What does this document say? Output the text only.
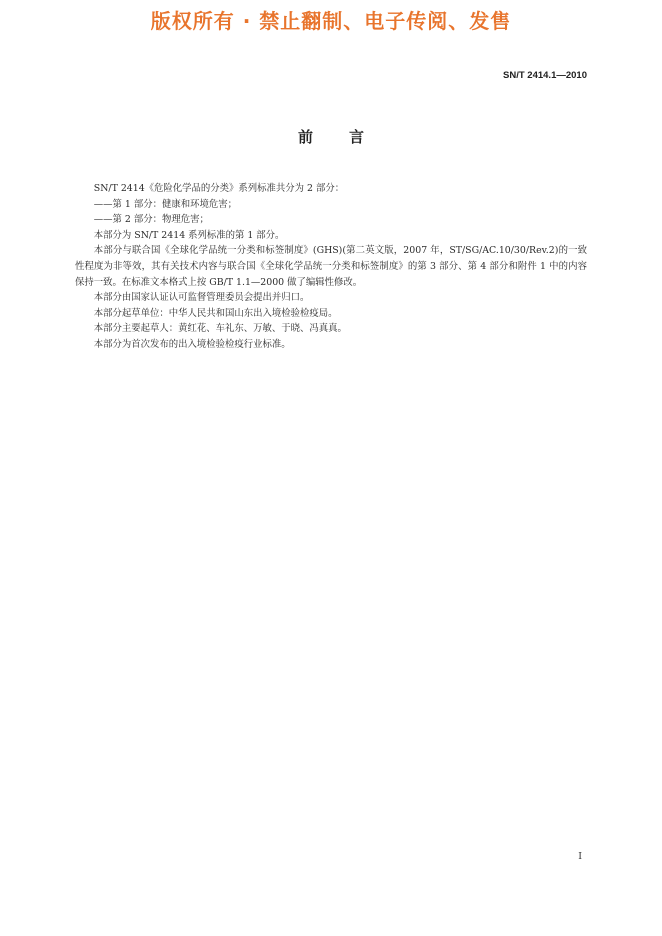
版权所有 · 禁止翻制、电子传阅、发售
SN/T 2414.1—2010
前言

SN/T 2414《危险化学品的分类》系列标准共分为 2 部分：

——第 1 部分：健康和环境危害；

——第 2 部分：物理危害；

本部分为 SN/T 2414 系列标准的第 1 部分。

本部分与联合国《全球化学品统一分类和标签制度》(GHS)(第二英文版，2007 年，ST/SG/AC.10/30/Rev.2)的一致性程度为非等效，其有关技术内容与联合国《全球化学品统一分类和标签制度》的第 3 部分、第 4 部分和附件 1 中的内容保持一致。在标准文本格式上按 GB/T 1.1—2000 做了编辑性修改。

本部分由国家认证认可监督管理委员会提出并归口。

本部分起草单位：中华人民共和国山东出入境检验检疫局。

本部分主要起草人：黄红花、车礼东、万敏、于晓、冯真真。

本部分为首次发布的出入境检验检疫行业标准。

I
